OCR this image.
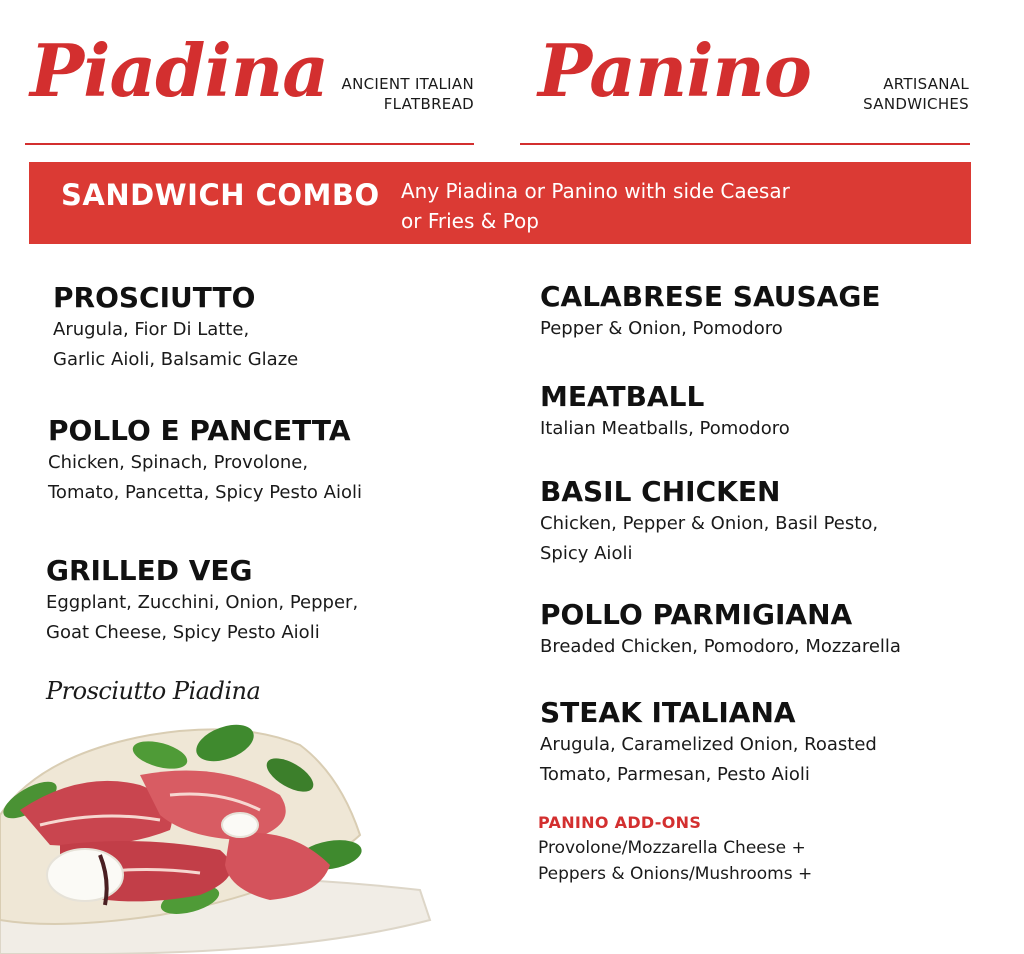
Piadina ANCIENT ITALIAN
FLATBREAD Panino	ARTISANAL
SANDWICHES
SANDWICH COMBO Any Piadina or Panino with side Caesar
or Fries & Pop
PROSCIUTTO
Arugula, Fior Di Latte,
Garlic Aioli, Balsamic Glaze
POLLO E PANCETTA
Chicken, Spinach, Provolone,
Tomato, Pancetta, Spicy Pesto Aioli
GRILLED VEG
Eggplant, Zucchini, Onion, Pepper,
Goat Cheese, Spicy Pesto Aioli
CALABRESE SAUSAGE
Pepper & Onion, Pomodoro
MEATBALL
Italian Meatballs, Pomodoro
BASIL CHICKEN
Chicken, Pepper & Onion, Basil Pesto,
Spicy Aioli
POLLO PARMIGIANA
Breaded Chicken, Pomodoro, Mozzarella
STEAK ITALIANA
Arugula, Caramelized Onion, Roasted
Tomato, Parmesan, Pesto Aioli
PANINO ADD-ONS
Provolone/Mozzarella Cheese +
Peppers & Onions/Mushrooms +
Prosciutto Piadina
